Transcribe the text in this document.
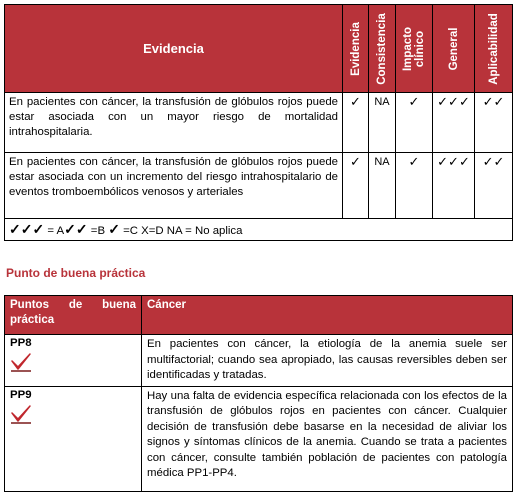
Evidencia	Evidencia	Consistencia	Impacto clínico	General	Aplicabilidad

En pacientes con cáncer, la transfusión de glóbulos rojos puede estar asociada con un mayor riesgo de mortalidad intrahospitalaria.	✓	NA	✓	✓✓✓	✓✓
En pacientes con cáncer, la transfusión de glóbulos rojos puede estar asociada con un incremento del riesgo intrahospitalario de eventos tromboembólicos venosos y arteriales	✓	NA	✓	✓✓✓	✓✓
✓✓✓ = A✓✓ =B ✓ =C X=D NA = No aplica					
Punto de buena práctica
Puntos de buena
práctica	Cáncer

PP8	En pacientes con cáncer, la etiología de la anemia suele ser multifactorial; cuando sea apropiado, las causas reversibles deben ser identificadas y tratadas.

PP9	Hay una falta de evidencia específica relacionada con los efectos de la transfusión de glóbulos rojos en pacientes con cáncer. Cualquier decisión de transfusión debe basarse en la necesidad de aliviar los signos y síntomas clínicos de la anemia. Cuando se trata a pacientes con cáncer, consulte también población de pacientes con patología médica PP1-PP4.
